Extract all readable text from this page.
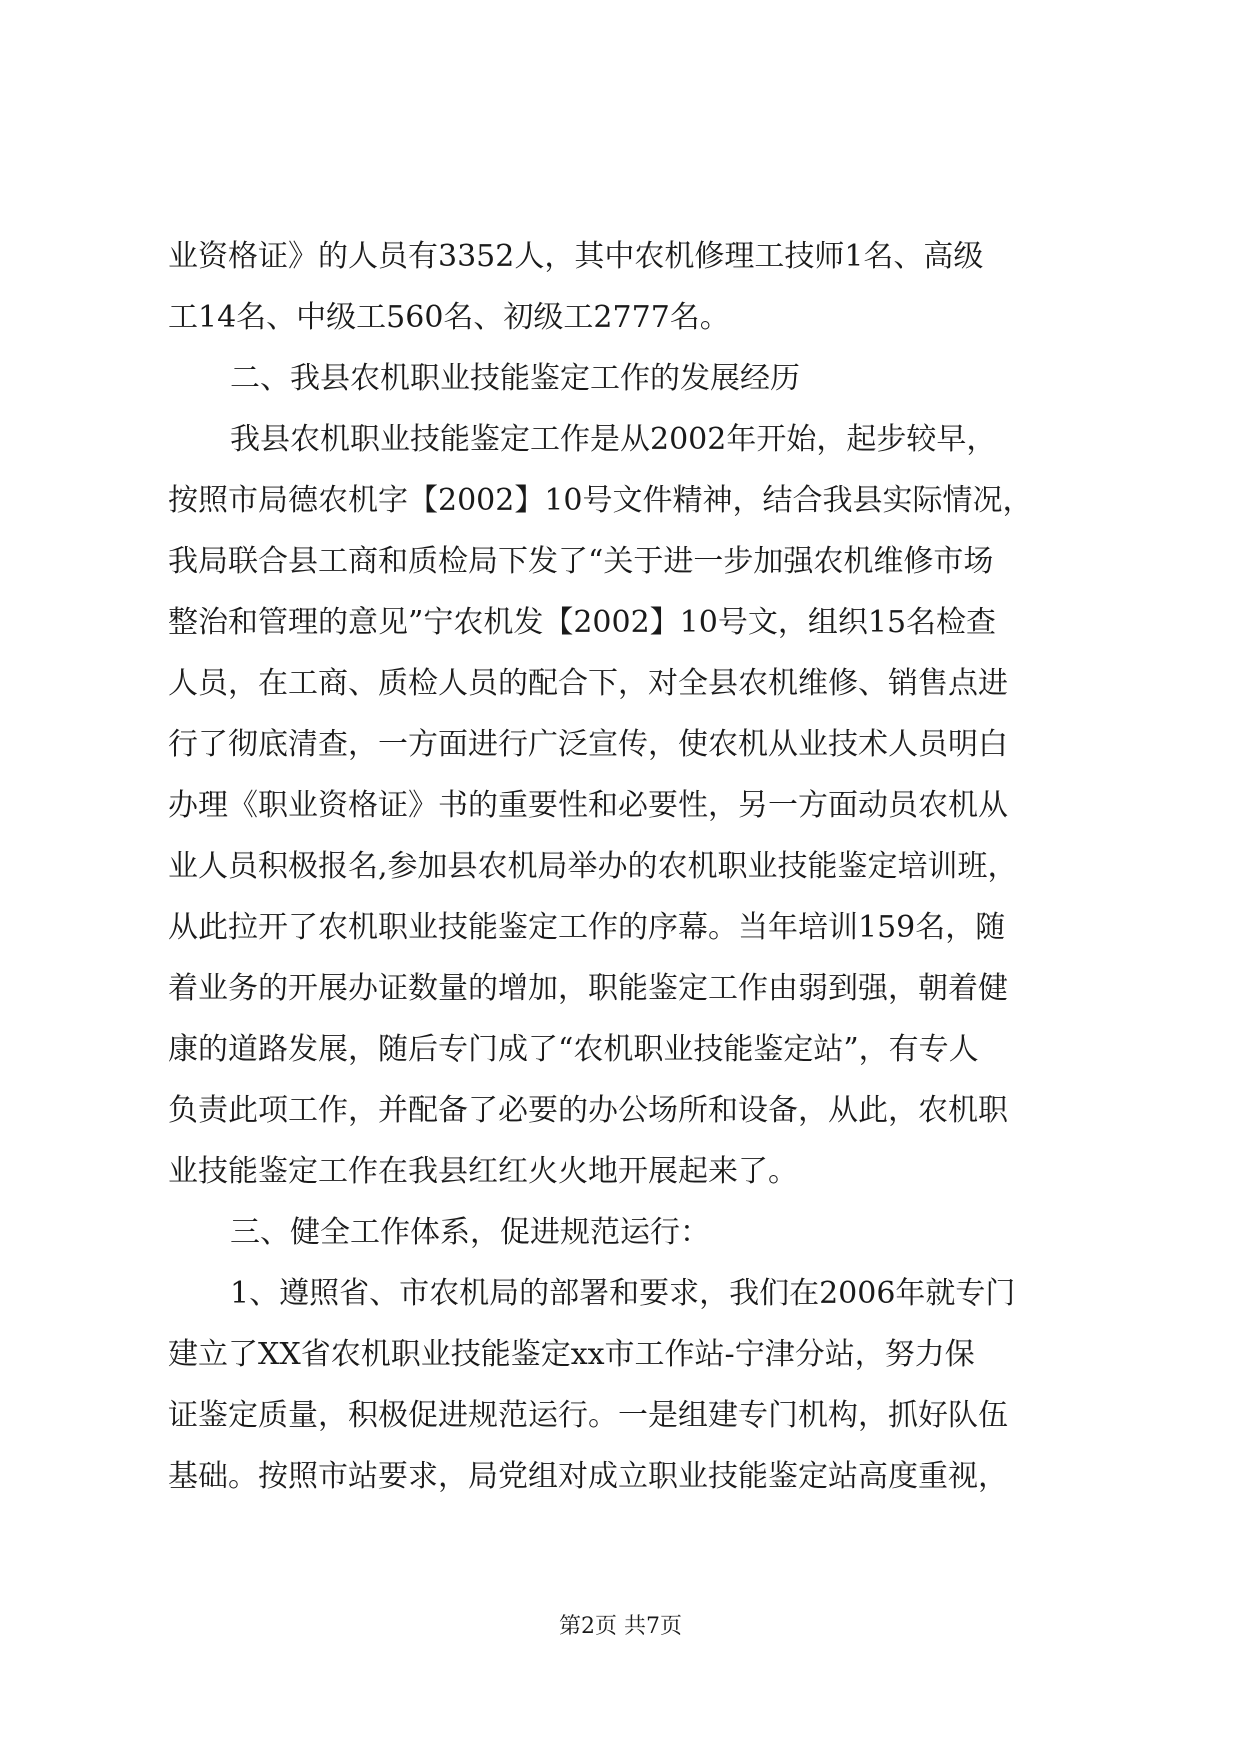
业资格证》的人员有3352人，其中农机修理工技师1名、高级
工14名、中级工560名、初级工2777名。
二、我县农机职业技能鉴定工作的发展经历
我县农机职业技能鉴定工作是从2002年开始，起步较早，
按照市局德农机字【2002】10号文件精神，结合我县实际情况，
我局联合县工商和质检局下发了“关于进一步加强农机维修市场
整治和管理的意见”宁农机发【2002】10号文，组织15名检查
人员，在工商、质检人员的配合下，对全县农机维修、销售点进
行了彻底清查，一方面进行广泛宣传，使农机从业技术人员明白
办理《职业资格证》书的重要性和必要性，另一方面动员农机从
业人员积极报名,参加县农机局举办的农机职业技能鉴定培训班，
从此拉开了农机职业技能鉴定工作的序幕。当年培训159名，随
着业务的开展办证数量的增加，职能鉴定工作由弱到强，朝着健
康的道路发展，随后专门成了“农机职业技能鉴定站”，有专人
负责此项工作，并配备了必要的办公场所和设备，从此，农机职
业技能鉴定工作在我县红红火火地开展起来了。
三、健全工作体系，促进规范运行：
1、遵照省、市农机局的部署和要求，我们在2006年就专门
建立了XX省农机职业技能鉴定xx市工作站-宁津分站，努力保
证鉴定质量，积极促进规范运行。一是组建专门机构，抓好队伍
基础。按照市站要求，局党组对成立职业技能鉴定站高度重视，
第2页 共7页
